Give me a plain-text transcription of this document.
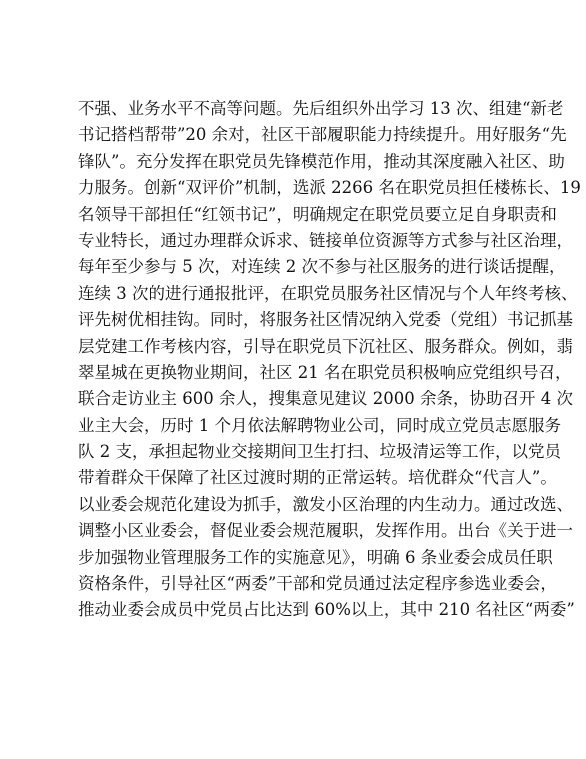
不强、业务水平不高等问题。先后组织外出学习 13 次、组建“新老
书记搭档帮带”20 余对，社区干部履职能力持续提升。用好服务“先
锋队”。充分发挥在职党员先锋模范作用，推动其深度融入社区、助
力服务。创新“双评价”机制，选派 2266 名在职党员担任楼栋长、19
名领导干部担任“红领书记”，明确规定在职党员要立足自身职责和
专业特长，通过办理群众诉求、链接单位资源等方式参与社区治理，
每年至少参与 5 次，对连续 2 次不参与社区服务的进行谈话提醒，
连续 3 次的进行通报批评，在职党员服务社区情况与个人年终考核、
评先树优相挂钩。同时，将服务社区情况纳入党委（党组）书记抓基
层党建工作考核内容，引导在职党员下沉社区、服务群众。例如，翡
翠星城在更换物业期间，社区 21 名在职党员积极响应党组织号召，
联合走访业主 600 余人，搜集意见建议 2000 余条，协助召开 4 次
业主大会，历时 1 个月依法解聘物业公司，同时成立党员志愿服务
队 2 支，承担起物业交接期间卫生打扫、垃圾清运等工作，以党员
带着群众干保障了社区过渡时期的正常运转。培优群众“代言人”。
以业委会规范化建设为抓手，激发小区治理的内生动力。通过改选、
调整小区业委会，督促业委会规范履职，发挥作用。出台《关于进一
步加强物业管理服务工作的实施意见》，明确 6 条业委会成员任职
资格条件，引导社区“两委”干部和党员通过法定程序参选业委会，
推动业委会成员中党员占比达到 60%以上，其中 210 名社区“两委”
